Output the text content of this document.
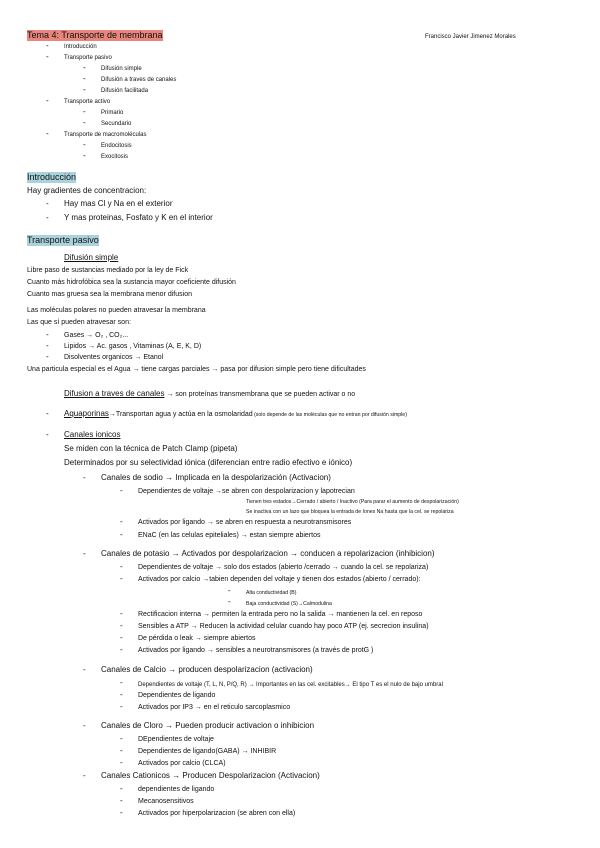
Tema 4: Transporte de membrana	Francisco Javier Jimenez Morales
-	Introducción
-	Transporte pasivo
-	Difusión simple
-	Difusión a traves de canales
-	Difusión facilitada
-	Transporte activo
-	Primario
-	Secundario
-	Transporte de macromoléculas
-	Endocitosis
-	Exocitosis
Introducción
Hay gradientes de concentracion:
- Hay mas Cl y Na en el exterior
- Y mas proteinas, Fosfato y K en el interior
Transporte pasivo
Difusión simple
Libre paso de sustancias mediado por la ley de Fick
Cuanto más hidrofóbica sea la sustancia mayor coeficiente difusión
Cuanto mas gruesa sea la membrana menor difusion
Las moléculas polares no pueden atravesar la membrana
Las que sí pueden atravesar son:
- Gases → O₂ , CO₂...
- Lipidos → Ac. gasos , Vitaminas (A, E, K, D)
- Disolventes organicos → Etanol
Una particula especial es el Agua → tiene cargas parciales → pasa por difusion simple pero tiene dificultades
Difusion a traves de canales → son proteínas transmembrana que se pueden activar o no
- Aquaporinas→Transportan agua y actúa en la osmolaridad (solo depende de las moléculas que no entran por difusión simple)
- Canales ionicos
Se miden con la técnica de Patch Clamp (pipeta)
Determinados por su selectividad iónica (diferencian entre radio efectivo e iónico)
- Canales de sodio → Implicada en la despolarización (Activacion)
- Dependientes de voltaje →se abren con despolarizacion y lapotrecian
Tienen tres estados→Cerrado / abierto / Inactivo (Para parar el aumento de despolarización)
Se inactiva con un lazo que bloquea la entrada de Iones Na hasta que la cel. se repolariza
- Activados por ligando → se abren en respuesta a neurotransmisores
- ENaC (en las celulas epiteliales) → estan siempre abiertos
- Canales de potasio → Activados por despolarizacion → conducen a repolarizacion (inhibicion)
- Dependientes de voltaje → solo dos estados (abierto /cerrado → cuando la cel. se repolariza)
- Activados por calcio →tabien dependen del voltaje y tienen dos estados (abierto / cerrado):
-	Alta conductividad (B)
-	Baja conductividad (S)→Calmodulina
- Rectificacion interna → permiten la entrada pero no la salida → mantienen la cel. en reposo
- Sensibles a ATP → Reducen la actividad celular cuando hay poco ATP (ej. secrecion insulina)
- De pérdida o leak → siempre abiertos
- Activados por ligando → sensibles a neurotransmisores (a través de protG )
- Canales de Calcio → producen despolarizacion (activacion)
-	Dependientes de voltaje (T, L, N, P/Q, R) → Importantes en las cel. excitables→ El tipo T es el nulo de bajo umbral
- Dependientes de ligando
- Activados por IP3 → en el reticulo sarcoplasmico
- Canales de Cloro → Pueden producir activacion o inhibicion
- DEpendientes de voltaje
- Dependientes de ligando(GABA) → INHIBIR
- Activados por calcio (CLCA)
- Canales Cationicos → Producen Despolarizacion (Activacion)
- dependientes de ligando
- Mecanosensitivos
- Activados por hiperpolarizacion (se abren con ella)
